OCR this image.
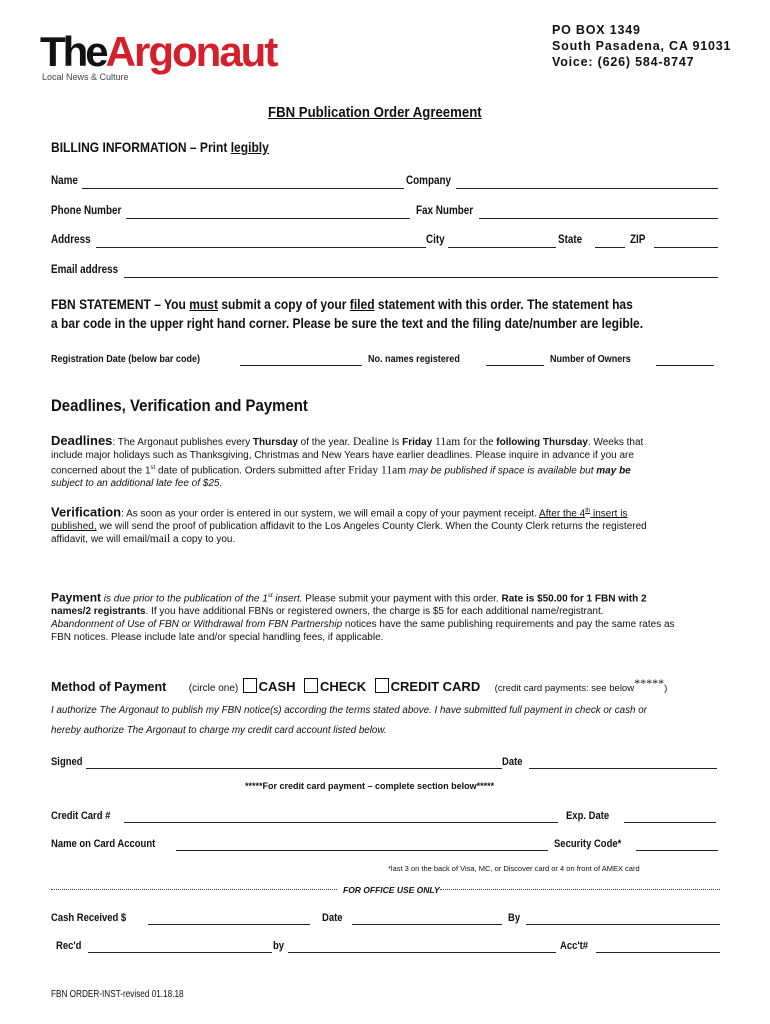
TheArgonaut
Local News & Culture
PO BOX 1349
South Pasadena, CA 91031
Voice: (626) 584-8747
FBN Publication Order Agreement
BILLING INFORMATION – Print legibly
Name	Company
Phone Number	Fax Number
Address	City	State	ZIP
Email address
FBN STATEMENT – You must submit a copy of your filed statement with this order. The statement has
a bar code in the upper right hand corner. Please be sure the text and the filing date/number are legible.
Registration Date (below bar code)	No. names registered	Number of Owners
Deadlines, Verification and Payment
Deadlines: The Argonaut publishes every Thursday of the year. Dealine is Friday 11am for the following Thursday. Weeks that
include major holidays such as Thanksgiving, Christmas and New Years have earlier deadlines. Please inquire in advance if you are
concerned about the 1st date of publication. Orders submitted after Friday 11am may be published if space is available but may be
subject to an additional late fee of $25.
Verification: As soon as your order is entered in our system, we will email a copy of your payment receipt. After the 4th insert is
published, we will send the proof of publication affidavit to the Los Angeles County Clerk. When the County Clerk returns the registered
affidavit, we will email/mail a copy to you.
Payment is due prior to the publication of the 1st insert. Please submit your payment with this order. Rate is $50.00 for 1 FBN with 2
names/2 registrants. If you have additional FBNs or registered owners, the charge is $5 for each additional name/registrant.
Abandonment of Use of FBN or Withdrawal from FBN Partnership notices have the same publishing requirements and pay the same rates as
FBN notices. Please include late and/or special handling fees, if applicable.
Method of Payment (circle one) CASH CHECK CREDIT CARD (credit card payments: see below*****)
I authorize The Argonaut to publish my FBN notice(s) according the terms stated above. I have submitted full payment in check or cash or
hereby authorize The Argonaut to charge my credit card account listed below.
Signed	Date
*****For credit card payment – complete section below*****
Credit Card #	Exp. Date
Name on Card Account	Security Code*
*last 3 on the back of Visa, MC, or Discover card or 4 on front of AMEX card
FOR OFFICE USE ONLY
Cash Received $	Date	By
Rec'd	by	Acc't#
FBN ORDER-INST-revised 01.18.18
